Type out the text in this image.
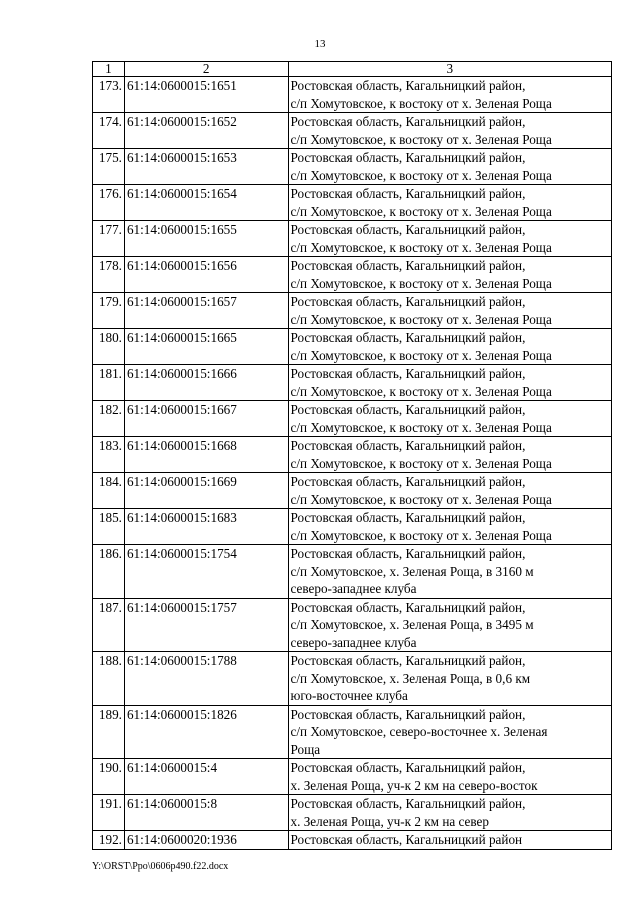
13
1	2	3
173.	61:14:0600015:1651	Ростовская область, Кагальницкий район,
с/п Хомутовское, к востоку от х. Зеленая Роща

174.	61:14:0600015:1652	Ростовская область, Кагальницкий район,
с/п Хомутовское, к востоку от х. Зеленая Роща

175.	61:14:0600015:1653	Ростовская область, Кагальницкий район,
с/п Хомутовское, к востоку от х. Зеленая Роща

176.	61:14:0600015:1654	Ростовская область, Кагальницкий район,
с/п Хомутовское, к востоку от х. Зеленая Роща

177.	61:14:0600015:1655	Ростовская область, Кагальницкий район,
с/п Хомутовское, к востоку от х. Зеленая Роща

178.	61:14:0600015:1656	Ростовская область, Кагальницкий район,
с/п Хомутовское, к востоку от х. Зеленая Роща

179.	61:14:0600015:1657	Ростовская область, Кагальницкий район,
с/п Хомутовское, к востоку от х. Зеленая Роща

180.	61:14:0600015:1665	Ростовская область, Кагальницкий район,
с/п Хомутовское, к востоку от х. Зеленая Роща

181.	61:14:0600015:1666	Ростовская область, Кагальницкий район,
с/п Хомутовское, к востоку от х. Зеленая Роща

182.	61:14:0600015:1667	Ростовская область, Кагальницкий район,
с/п Хомутовское, к востоку от х. Зеленая Роща

183.	61:14:0600015:1668	Ростовская область, Кагальницкий район,
с/п Хомутовское, к востоку от х. Зеленая Роща

184.	61:14:0600015:1669	Ростовская область, Кагальницкий район,
с/п Хомутовское, к востоку от х. Зеленая Роща

185.	61:14:0600015:1683	Ростовская область, Кагальницкий район,
с/п Хомутовское, к востоку от х. Зеленая Роща

186.	61:14:0600015:1754	Ростовская область, Кагальницкий район,
с/п Хомутовское, х. Зеленая Роща, в 3160 м
северо-западнее клуба

187.	61:14:0600015:1757	Ростовская область, Кагальницкий район,
с/п Хомутовское, х. Зеленая Роща, в 3495 м
северо-западнее клуба

188.	61:14:0600015:1788	Ростовская область, Кагальницкий район,
с/п Хомутовское, х. Зеленая Роща, в 0,6 км
юго-восточнее клуба

189.	61:14:0600015:1826	Ростовская область, Кагальницкий район,
с/п Хомутовское, северо-восточнее х. Зеленая
Роща

190.	61:14:0600015:4	Ростовская область, Кагальницкий район,
х. Зеленая Роща, уч-к 2 км на северо-восток

191.	61:14:0600015:8	Ростовская область, Кагальницкий район,
х. Зеленая Роща, уч-к 2 км на север

192.	61:14:0600020:1936	Ростовская область, Кагальницкий район
Y:\ORST\Ppo\0606p490.f22.docx
